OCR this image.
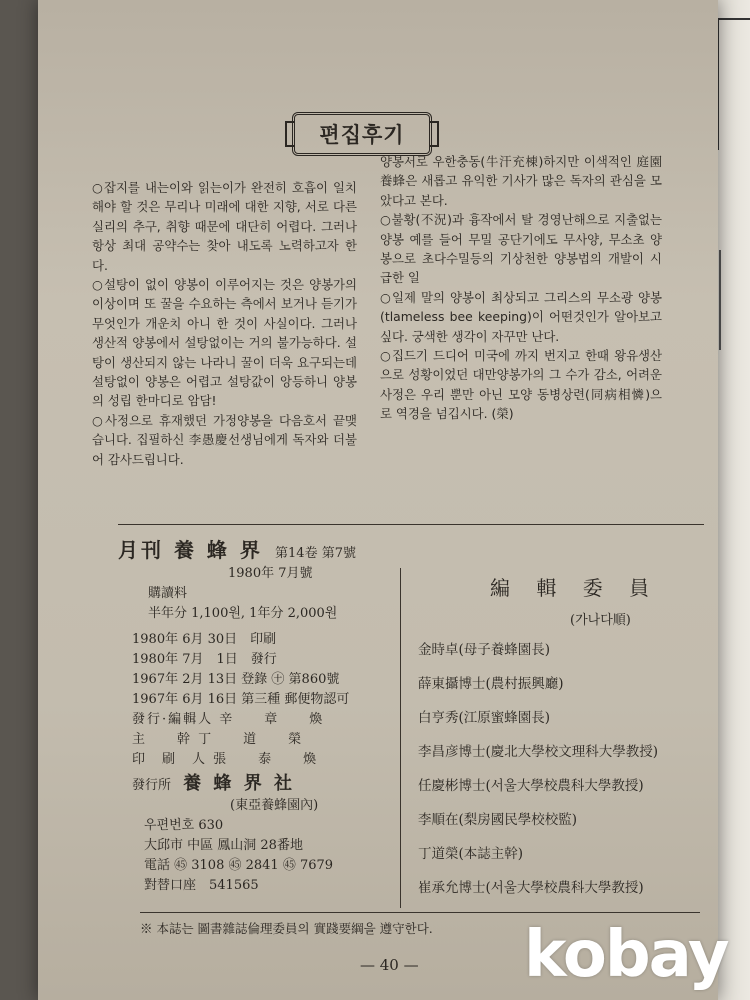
편집후기

○잡지를 내는이와 읽는이가 완전히 호흡이 일치해야 할 것은 무리나 미래에 대한 지향, 서로 다른 실리의 추구, 취향 때문에 대단히 어렵다. 그러나 항상 최대 공약수는 찾아 내도록 노력하고자 한다.

○설탕이 없이 양봉이 이루어지는 것은 양봉가의 이상이며 또 꿀을 수요하는 측에서 보거나 듣기가 무엇인가 개운치 아니 한 것이 사실이다. 그러나 생산적 양봉에서 설탕없이는 거의 불가능하다. 설탕이 생산되지 않는 나라니 꿀이 더욱 요구되는데 설탕없이 양봉은 어렵고 설탕값이 앙등하니 양봉의 성립 한마디로 암담!

○사정으로 휴재했던 가정양봉을 다음호서 끝맺습니다. 집필하신 李愚慶선생님에게 독자와 더불어 감사드립니다.

양봉서로 우한충동(牛汗充棟)하지만 이색적인 庭園養蜂은 새롭고 유익한 기사가 많은 독자의 관심을 모았다고 본다.

○불황(不況)과 흉작에서 탈 경영난해으로 지출없는 양봉 예를 들어 무밀 공단기에도 무사양, 무소초 양봉으로 초다수밀등의 기상천한 양봉법의 개발이 시급한 일

○일제 말의 양봉이 최상되고 그리스의 무소광 양봉(tlameless bee keeping)이 어떤것인가 알아보고 싶다. 궁색한 생각이 자꾸만 난다.

○집드기 드디어 미국에 까지 번지고 한때 왕유생산으로 성황이었던 대만양봉가의 그 수가 감소, 어려운 사정은 우리 뿐만 아닌 모양 동병상련(同病相憐)으로 역경을 넘깁시다. (榮)

月刊 養 蜂 界 第14卷 第7號
1980年 7月號
購讀料
半年分 1,100원, 1年分 2,000원
1980年 6月 30日　印刷
1980年 7月　1日　發行
1967年 2月 13日 登錄 ㊉ 第860號
1967年 6月 16日 第三種 郵便物認可
發行·編輯人 辛　　章　　煥
主　　幹 丁　　道　　榮
印　刷　人 張　　泰　　煥
發行所 養 蜂 界 社
(東亞養蜂園內)
우편번호 630
大邱市 中區 鳳山洞 28番地
電話 ㊺ 3108 ㊺ 2841 ㊺ 7679
對替口座　541565
編 輯 委 員
(가나다順)
金時卓(母子養蜂園長)
薛東攝博士(農村振興廳)
白亨秀(江原蜜蜂園長)
李昌彦博士(慶北大學校文理科大學教授)
任慶彬博士(서울大學校農科大學教授)
李順在(梨房國民學校校監)
丁道榮(本誌主幹)
崔承允博士(서울大學校農科大學教授)
※ 本誌는 圖書雜誌倫理委員의 實踐要綱을 遵守한다.
— 40 — kobay
